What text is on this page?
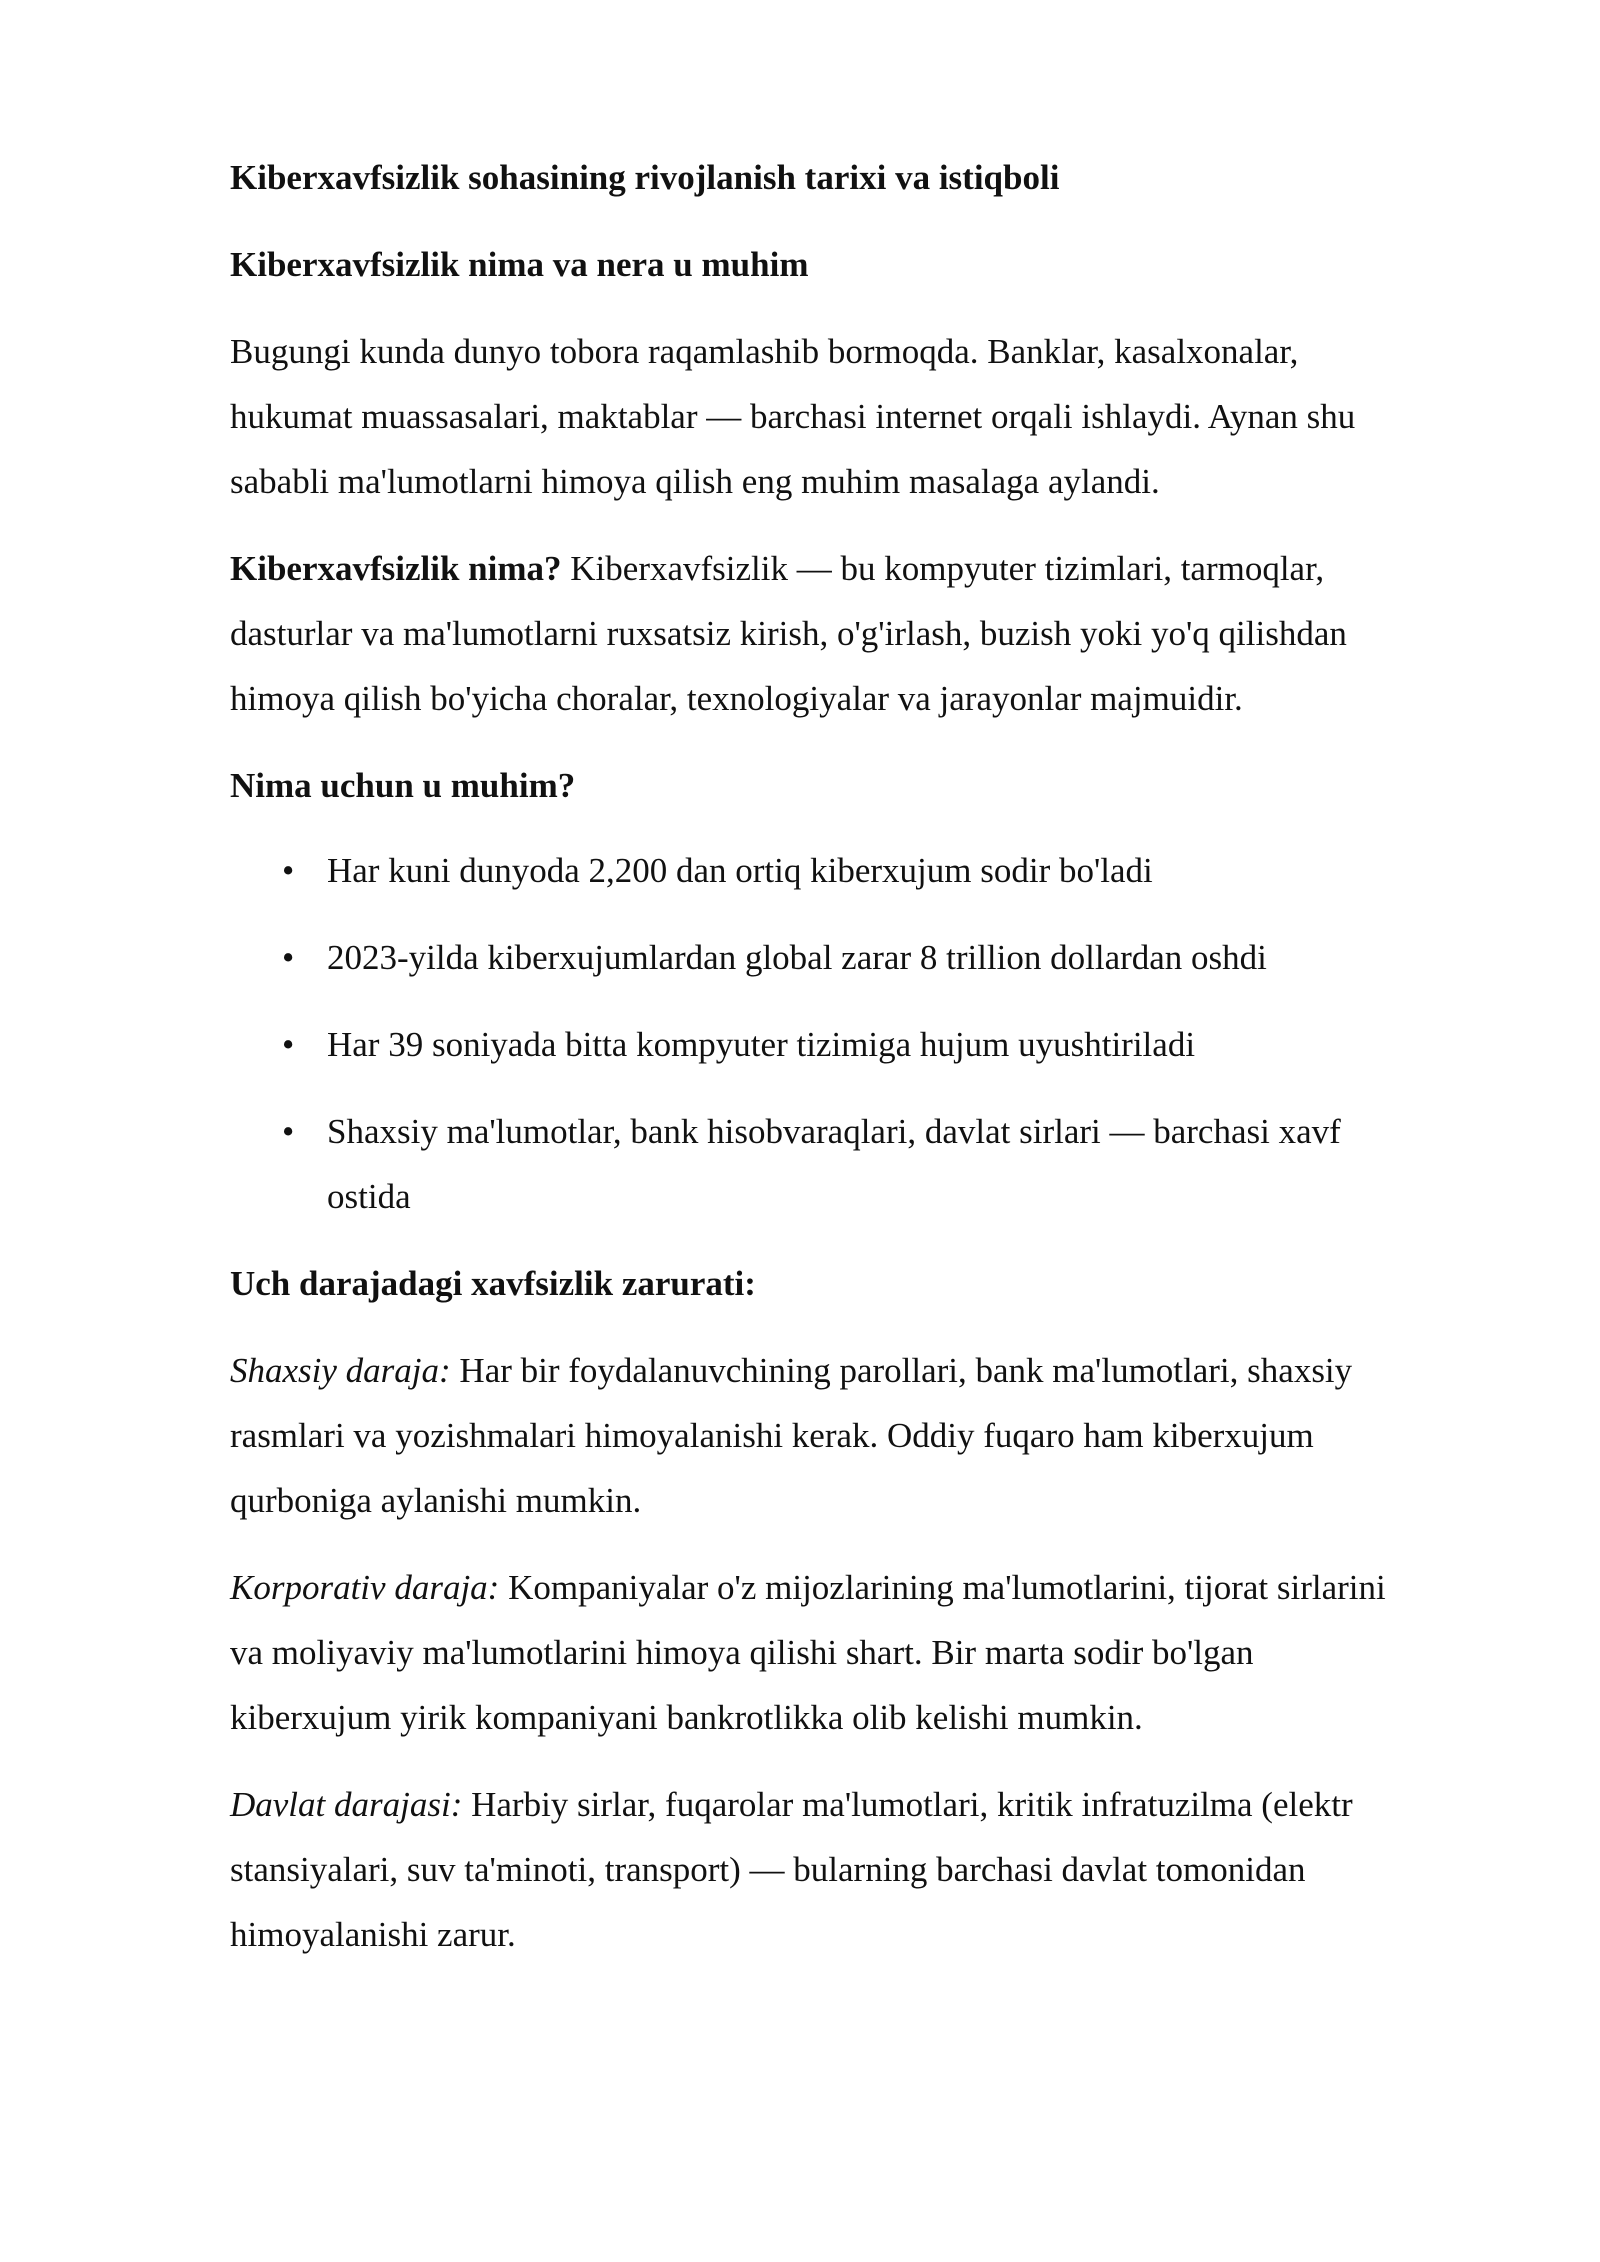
Kiberxavfsizlik sohasining rivojlanish tarixi va istiqboli

Kiberxavfsizlik nima va nera u muhim

Bugungi kunda dunyo tobora raqamlashib bormoqda. Banklar, kasalxonalar, hukumat muassasalari, maktablar — barchasi internet orqali ishlaydi. Aynan shu sababli ma'lumotlarni himoya qilish eng muhim masalaga aylandi.

Kiberxavfsizlik nima? Kiberxavfsizlik — bu kompyuter tizimlari, tarmoqlar, dasturlar va ma'lumotlarni ruxsatsiz kirish, o'g'irlash, buzish yoki yo'q qilishdan himoya qilish bo'yicha choralar, texnologiyalar va jarayonlar majmuidir.

Nima uchun u muhim?

• Har kuni dunyoda 2,200 dan ortiq kiberxujum sodir bo'ladi
• 2023-yilda kiberxujumlardan global zarar 8 trillion dollardan oshdi
• Har 39 soniyada bitta kompyuter tizimiga hujum uyushtiriladi
• Shaxsiy ma'lumotlar, bank hisobvaraqlari, davlat sirlari — barchasi xavf ostida

Uch darajadagi xavfsizlik zarurati:

Shaxsiy daraja: Har bir foydalanuvchining parollari, bank ma'lumotlari, shaxsiy rasmlari va yozishmalari himoyalanishi kerak. Oddiy fuqaro ham kiberxujum qurboniga aylanishi mumkin.

Korporativ daraja: Kompaniyalar o'z mijozlarining ma'lumotlarini, tijorat sirlarini va moliyaviy ma'lumotlarini himoya qilishi shart. Bir marta sodir bo'lgan kiberxujum yirik kompaniyani bankrotlikka olib kelishi mumkin.

Davlat darajasi: Harbiy sirlar, fuqarolar ma'lumotlari, kritik infratuzilma (elektr stansiyalari, suv ta'minoti, transport) — bularning barchasi davlat tomonidan himoyalanishi zarur.
